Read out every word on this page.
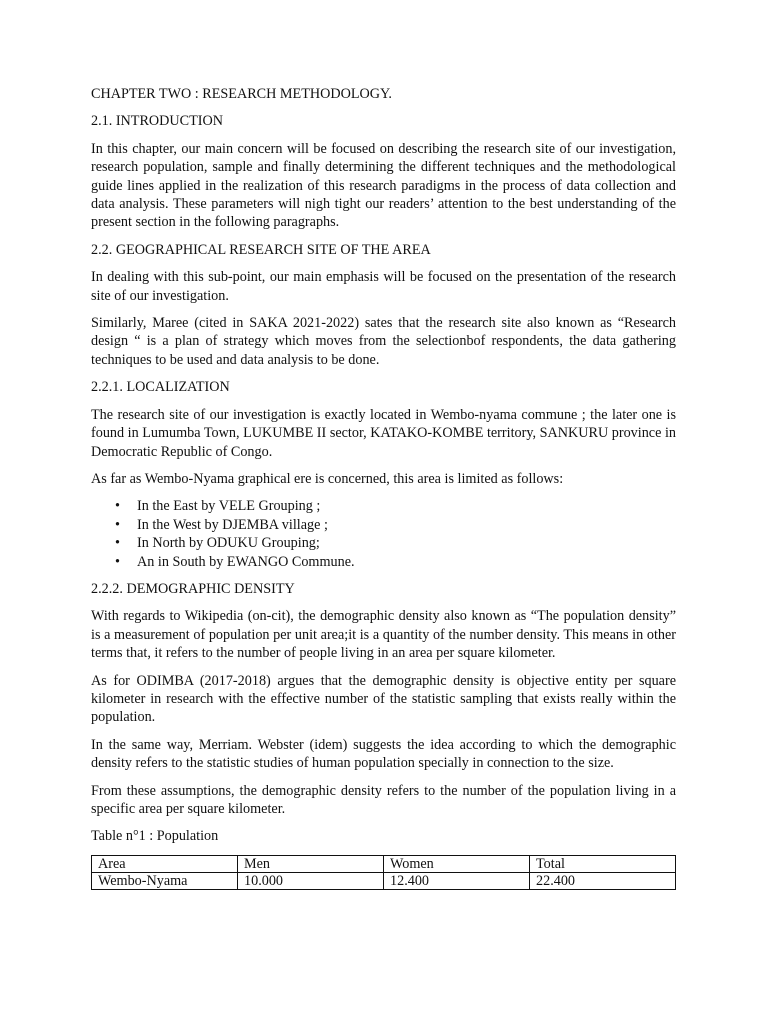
CHAPTER TWO : RESEARCH METHODOLOGY.

2.1. INTRODUCTION

In this chapter, our main concern will be focused on describing the research site of our investigation, research population, sample and finally determining the different techniques and the methodological guide lines applied in the realization of this research paradigms in the process of data collection and data analysis. These parameters will nigh tight our readers’ attention to the best understanding of the present section in the following paragraphs.

2.2. GEOGRAPHICAL RESEARCH SITE OF THE AREA

In dealing with this sub-point, our main emphasis will be focused on the presentation of the research site of our investigation.

Similarly, Maree (cited in SAKA 2021-2022) sates that the research site also known as “Research design “ is a plan of strategy which moves from the selectionbof respondents, the data gathering techniques to be used and data analysis to be done.

2.2.1. LOCALIZATION

The research site of our investigation is exactly located in Wembo-nyama commune ; the later one is found in Lumumba Town, LUKUMBE II sector, KATAKO-KOMBE territory, SANKURU province in Democratic Republic of Congo.

As far as Wembo-Nyama graphical ere is concerned, this area is limited as follows:

• In the East by VELE Grouping ;
• In the West by DJEMBA village ;
• In North by ODUKU Grouping;
• An in South by EWANGO Commune.

2.2.2. DEMOGRAPHIC DENSITY

With regards to Wikipedia (on-cit), the demographic density also known as “The population density” is a measurement of population per unit area;it is a quantity of the number density. This means in other terms that, it refers to the number of people living in an area per square kilometer.

As for ODIMBA (2017-2018) argues that the demographic density is objective entity per square kilometer in research with the effective number of the statistic sampling that exists really within the population.

In the same way, Merriam. Webster (idem) suggests the idea according to which the demographic density refers to the statistic studies of human population specially in connection to the size.

From these assumptions, the demographic density refers to the number of the population living in a specific area per square kilometer.

Table n°1 : Population

Area	Men	Women	Total
Wembo-Nyama	10.000	12.400	22.400
